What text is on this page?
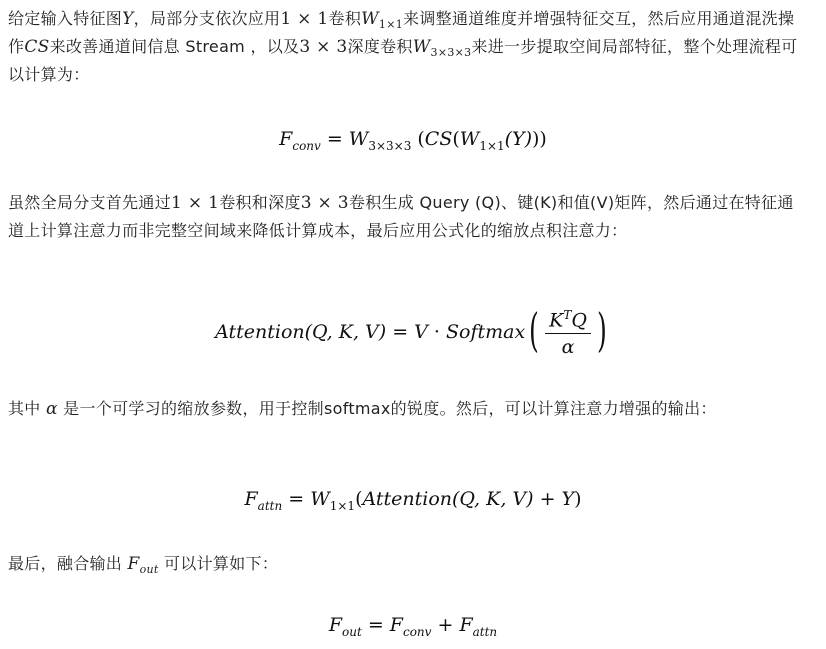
给定输入特征图Y，局部分支依次应用1 × 1卷积$W_{1\times 1}$来调整通道维度并增强特征交互，然后应用通道混洗操作CS来改善通道间信息 Stream ，以及3 × 3深度卷积$W_{3\times 3\times 3}$来进一步提取空间局部特征，整个处理流程可以计算为：

$F_{conv} = W_{3\times 3\times 3}$ $(CS(W_{1\times 1}(Y)))$

虽然全局分支首先通过1 × 1卷积和深度3 × 3卷积生成 Query (Q)、键(K)和值(V)矩阵，然后通过在特征通道上计算注意力而非完整空间域来降低计算成本，最后应用公式化的缩放点积注意力：

Attention(Q, K, V) = V · Softmax( $\frac{K^TQ}{\alpha}$ )

其中 α 是一个可学习的缩放参数，用于控制softmax的锐度。然后，可以计算注意力增强的输出：

$F_{attn}$ = $W_{1\times 1}(Attention(Q$, K, V) + Y)

最后，融合输出 $F_{out}$ 可以计算如下：

$F_{out} = F_{conv} + F_{attn}$
